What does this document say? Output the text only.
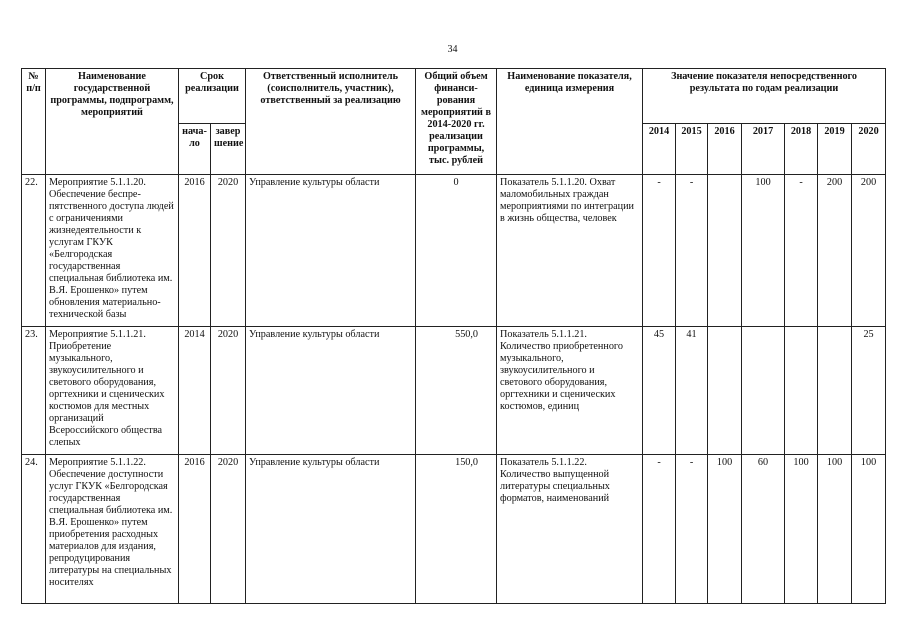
34
№ п/п	Наименование государственной программы, подпрограмм, мероприятий	Срок реализации		Ответственный исполнитель (соисполнитель, участник), ответственный за реализацию	Общий объем финанси-рования мероприятий в 2014-2020 гг. реализации программы, тыс. рублей	Наименование показателя, единица измерения	Значение показателя непосредственного результата по годам реализации						
		нача-ло	завер шение				2014	2015	2016	2017	2018	2019	2020
22.	Мероприятие 5.1.1.20. Обеспечение беспре-пятственного доступа людей с ограничениями жизнедеятельности к услугам ГКУК «Белгородская государственная специальная библиотека им. В.Я. Ерошенко» путем обновления материально-технической базы	2016	2020	Управление культуры области	0	Показатель 5.1.1.20. Охват маломобильных граждан мероприятиями по интеграции в жизнь общества, человек	-	-		100	-	200	200
23.	Мероприятие 5.1.1.21. Приобретение музыкального, звукоусилительного и светового оборудования, оргтехники и сценических костюмов для местных организаций Всероссийского общества слепых	2014	2020	Управление культуры области	550,0	Показатель 5.1.1.21. Количество приобретенного музыкального, звукоусилительного и светового оборудования, оргтехники и сценических костюмов, единиц	45	41					25
24.	Мероприятие 5.1.1.22. Обеспечение доступности услуг ГКУК «Белгородская государственная специальная библиотека им. В.Я. Ерошенко» путем приобретения расходных материалов для издания, репродуцирования литературы на специальных носителях	2016	2020	Управление культуры области	150,0	Показатель 5.1.1.22. Количество выпущенной литературы специальных форматов, наименований	-	-	100	60	100	100	100
